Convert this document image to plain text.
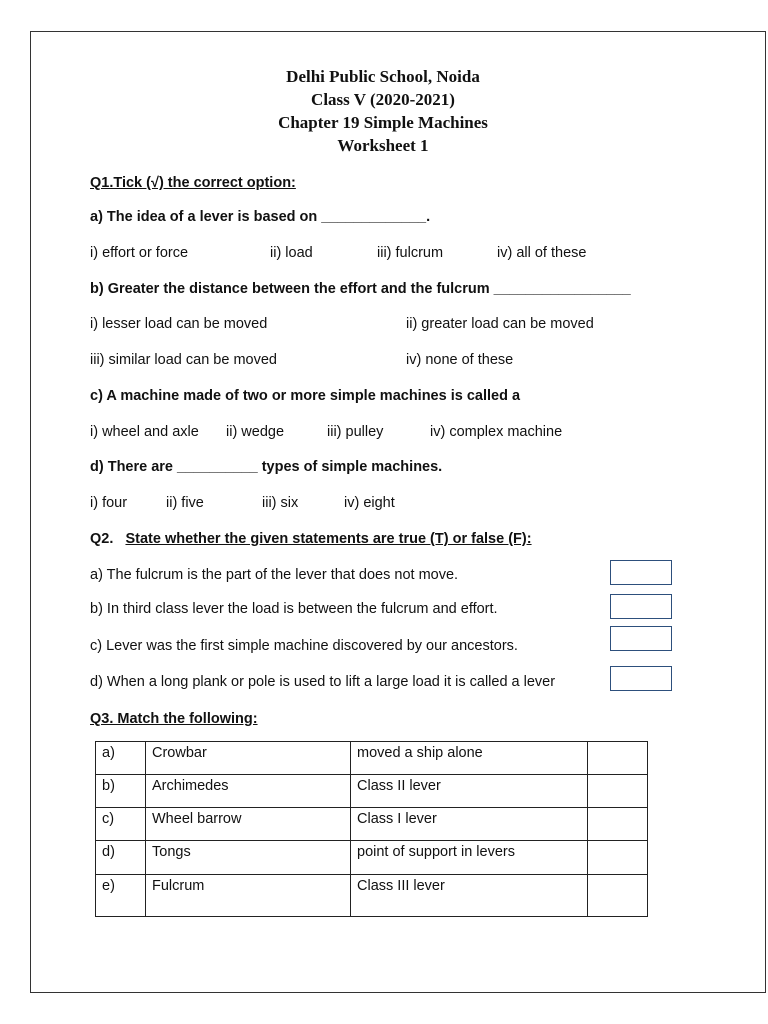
Delhi Public School, Noida
Class V (2020-2021)
Chapter 19 Simple Machines
Worksheet 1
Q1.Tick (√) the correct option:
a) The idea of a lever is based on _____________.
i) effort or force	ii) load	iii) fulcrum	iv) all of these
b) Greater the distance between the effort and the fulcrum _________________
i) lesser load can be moved	ii) greater load can be moved
iii) similar load can be moved	iv) none of these
c) A machine made of two or more simple machines is called a
i) wheel and axle ii) wedge	iii) pulley	iv) complex machine
d) There are __________ types of simple machines.
i) four	ii) five	iii) six	iv) eight
Q2. State whether the given statements are true (T) or false (F):
a) The fulcrum is the part of the lever that does not move.
b) In third class lever the load is between the fulcrum and effort.
c) Lever was the first simple machine discovered by our ancestors.
d) When a long plank or pole is used to lift a large load it is called a lever
Q3. Match the following:
a)	Crowbar	moved a ship alone	
b)	Archimedes	Class II lever	
c)	Wheel barrow	Class I lever	
d)	Tongs	point of support in levers	
e)	Fulcrum	Class III lever	
